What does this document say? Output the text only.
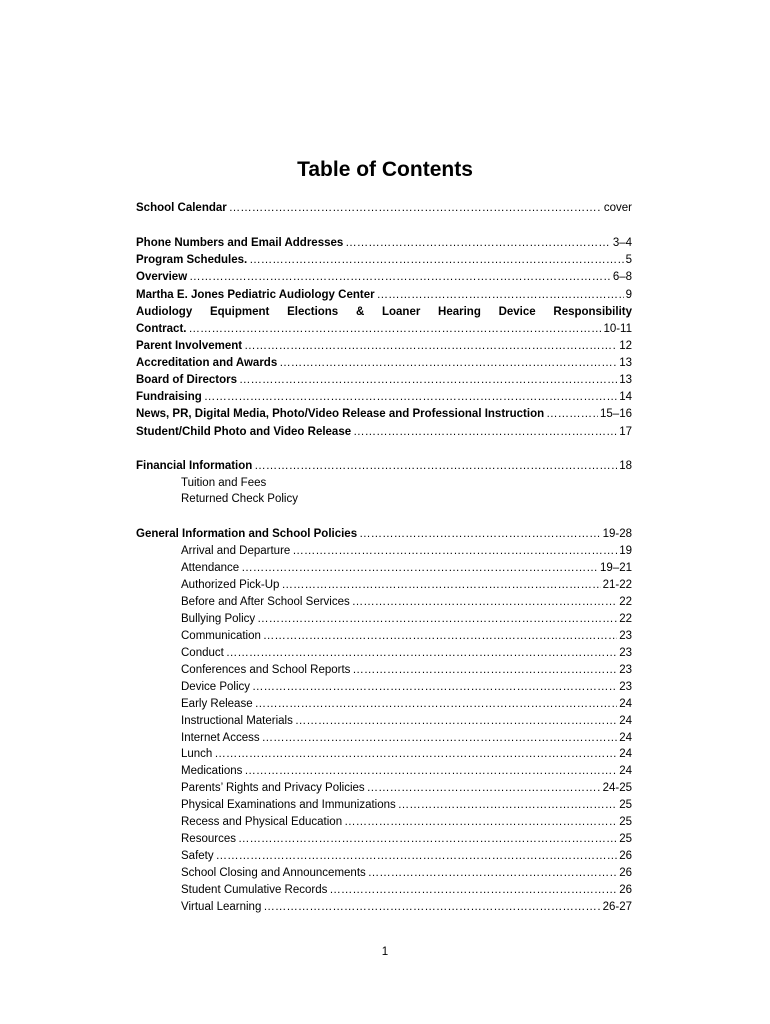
Table of Contents
School Calendar ………………………………………………………………………………………………………………………………………………………………………………………………………	cover
Phone Numbers and Email Addresses ………………………………………………………………………………………………………………………………………………………………………………………………………	3–4
Program Schedules. ………………………………………………………………………………………………………………………………………………………………………………………………………	5
Overview ………………………………………………………………………………………………………………………………………………………………………………………………………	6–8
Martha E. Jones Pediatric Audiology Center ………………………………………………………………………………………………………………………………………………………………………………………………………	9
Audiology Equipment Elections & Loaner Hearing Device Responsibility
Contract. ………………………………………………………………………………………………………………………………………………………………………………………………………	10-11
Parent Involvement ………………………………………………………………………………………………………………………………………………………………………………………………………	12
Accreditation and Awards ………………………………………………………………………………………………………………………………………………………………………………………………………	13
Board of Directors ………………………………………………………………………………………………………………………………………………………………………………………………………	13
Fundraising ………………………………………………………………………………………………………………………………………………………………………………………………………	14
News, PR, Digital Media, Photo/Video Release and Professional Instruction ………………………………………………………………………………………………………………………………………………………………………………………………………	15–16
Student/Child Photo and Video Release ………………………………………………………………………………………………………………………………………………………………………………………………………	17
Financial Information ………………………………………………………………………………………………………………………………………………………………………………………………………	18
Tuition and Fees
Returned Check Policy
General Information and School Policies ………………………………………………………………………………………………………………………………………………………………………………………………………	19-28
Arrival and Departure ………………………………………………………………………………………………………………………………………………………………………………………………………	19
Attendance ………………………………………………………………………………………………………………………………………………………………………………………………………	19–21
Authorized Pick-Up ………………………………………………………………………………………………………………………………………………………………………………………………………	21-22
Before and After School Services ………………………………………………………………………………………………………………………………………………………………………………………………………	22
Bullying Policy ………………………………………………………………………………………………………………………………………………………………………………………………………	22
Communication ………………………………………………………………………………………………………………………………………………………………………………………………………	23
Conduct ………………………………………………………………………………………………………………………………………………………………………………………………………	23
Conferences and School Reports ………………………………………………………………………………………………………………………………………………………………………………………………………	23
Device Policy ………………………………………………………………………………………………………………………………………………………………………………………………………	23
Early Release ………………………………………………………………………………………………………………………………………………………………………………………………………	24
Instructional Materials ………………………………………………………………………………………………………………………………………………………………………………………………………	24
Internet Access ………………………………………………………………………………………………………………………………………………………………………………………………………	24
Lunch ………………………………………………………………………………………………………………………………………………………………………………………………………	24
Medications ………………………………………………………………………………………………………………………………………………………………………………………………………	24
Parents’ Rights and Privacy Policies ………………………………………………………………………………………………………………………………………………………………………………………………………	24-25
Physical Examinations and Immunizations ………………………………………………………………………………………………………………………………………………………………………………………………………	25
Recess and Physical Education ………………………………………………………………………………………………………………………………………………………………………………………………………	25
Resources ………………………………………………………………………………………………………………………………………………………………………………………………………	25
Safety ………………………………………………………………………………………………………………………………………………………………………………………………………	26
School Closing and Announcements ………………………………………………………………………………………………………………………………………………………………………………………………………	26
Student Cumulative Records ………………………………………………………………………………………………………………………………………………………………………………………………………	26
Virtual Learning ………………………………………………………………………………………………………………………………………………………………………………………………………	26-27
1
